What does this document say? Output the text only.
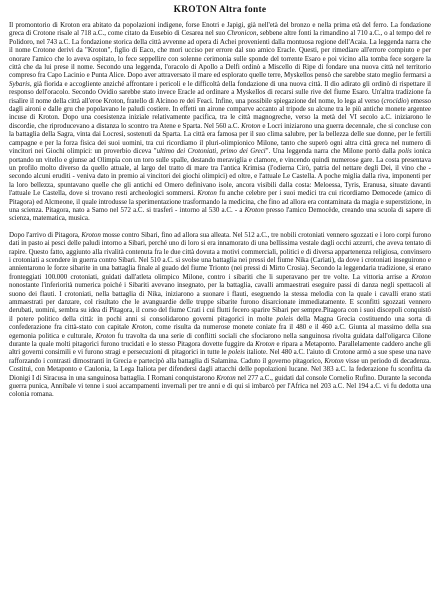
KROTON Altra fonte

Il promontorio di Kroton era abitato da popolazioni indigene, forse Enotri e Japigi, già nell'età del bronzo e nella prima età del ferro. La fondazione greca di Crotone risale al 718 a.C., come citato da Eusebio di Cesarea nel suo Chronicon, sebbene altre fonti la rimandino al 710 a.C., o al tempo del re Polidoro, nel 743 a.C. La fondazione storica della città avvenne ad opera di Achei provenienti dalla montuosa regione dell'Acaia. La leggenda narra che il nome Crotone derivi da "Kroton", figlio di Eaco, che morì ucciso per errore dal suo amico Eracle. Questi, per rimediare all'errore compiuto e per onorare l'amico che lo aveva ospitato, lo fece seppellire con solenne cerimonia sulle sponde del torrente Esaro e poi vicino alla tomba fece sorgere la città che da lui prese il nome. Secondo una leggenda, l'oracolo di Apollo a Delfi ordinò a Miscello di Ripe di fondare una nuova città nel territorio compreso fra Capo Lacinio e Punta Alice. Dopo aver attraversato il mare ed esplorato quelle terre, Myskellos pensò che sarebbe stato meglio fermarsi a Sybaris, già fiorida e accogliente anziché affrontare i pericoli e le difficoltà della fondazione di una nuova città. Il dio adirato gli ordinò di rispettare il responso dell'oracolo. Secondo Ovidio sarebbe stato invece Eracle ad ordinare a Myskellos di recarsi sulle rive del fiume Esaro. Un'altra tradizione fa risalire il nome della città all'eroe Kroton, fratello di Alcinoo re dei Feaci. Infine, una possibile spiegazione del nome, lo lega al verso (crocidio) emesso dagli aironi e dalle gru che popolavano le paludi costiere. In effetti un airone comparve accanto al tripode su alcune tra le più antiche monete argentee incuse di Kroton. Dopo una coesistenza iniziale relativamente pacifica, tra le città magnogreche, verso la metà del VI secolo a.C. iniziarono le discordie, che riproducevano a distanza lo scontro tra Atene e Sparta. Nel 560 a.C. Kroton e Locri iniziarono una guerra decennale, che si concluse con la battaglia della Sagra, vinta dai Locresi, sostenuti da Sparta. La città era famosa per il suo clima salubre, per la bellezza delle sue donne, per le fertili campagne e per la forza fisica dei suoi uomini, tra cui ricordiamo il pluri-olimpionico Milone, tanto che superò ogni altra città greca nel numero di vincitori nei Giochi olimpici: un proverbio diceva "ultimo dei Crotoniati, primo dei Greci". Una leggenda narra che Milone portò dalla polis ionica portando un vitello e giunse ad Olimpia con un toro sulle spalle, destando meraviglia e clamore, e vincendo quindi numerose gare. La costa presentava un profilo molto diverso da quello attuale, al largo del tratto di mare tra l'antica Krimisa (l'odierna Cirò, patria del nettare degli Dei, il vino che - secondo alcuni eruditi - veniva dato in premio ai vincitori dei giochi olimpici) ed oltre, e l'attuale Le Castella. A poche miglia dalla riva, imponenti per la loro bellezza, spuntavano quelle che gli antichi ed Omero definivano isole, ancora visibili dalla costa: Meloessa, Tyris, Eranusa, situate davanti l'attuale Le Castella, dove si trovano resti archeologici sommersi. Kroton fu anche celebre per i suoi medici tra cui ricordiamo Democede (amico di Pitagora) ed Alcmeone, il quale introdusse la sperimentazione trasformando la medicina, che fino ad allora era contaminata da magia e superstizione, in una scienza. Pitagora, nato a Samo nel 572 a.C. si trasferì - intorno al 530 a.C. - a Kroton presso l'amico Democède, creando una scuola di sapere di scienza, matematica, musica.

Dopo l'arrivo di Pitagora, Kroton mosse contro Sibari, fino ad allora sua alleata. Nel 512 a.C., tre nobili crotoniati vennero sgozzati e i loro corpi furono dati in pasto ai pesci delle paludi intorno a Sibari, perché uno di loro si era innamorato di una bellissima vestale dagli occhi azzurri, che aveva tentato di rapire. Questo fatto, aggiunto alla rivalità contenuta fra le due città dovuta a motivi commerciali, politici e di diversa appartenenza religiosa, convinsero i crotoniati a scendere in guerra contro Sibari. Nel 510 a.C. si svolse una battaglia nei pressi del fiume Nika (Carìati), da dove i crotoniati inseguirono e annientarono le forze sibarite in una battaglia finale al guado del fiume Trionto (nei pressi di Mirto Crosia). Secondo la leggendaria tradizione, si erano fronteggiati 100.000 crotoniati, guidati dall'atleta olimpico Milone, contro i sibariti che li superavano per tre volte. La vittoria arrise a Kroton nonostante l'inferiorità numerica poiché i Sibariti avevano insegnato, per la battaglia, cavalli ammaestrati eseguire passi di danza negli spettacoli al suono dei flauti. I crotoniati, nella battaglia di Nika, iniziarono a suonare i flauti, eseguendo la stessa melodia con la quale i cavalli erano stati ammaestrati per danzare, col risultato che le avanguardie delle truppe sibarite furono disarcionate immediatamente. E sconfitti sgozzati vennero derubati, uomini, sembra su idea di Pitagora, il corso del fiume Crati i cui flutti fecero sparire Sibari per sempre.Pitagora con i suoi discepoli conquistò il potere politico della città: in pochi anni si consolidarono governi pitagorici in molte poleis della Magna Grecia costituendo una sorta di confederazione fra città-stato con capitale Kroton, come risulta da numerose monete coniate fra il 480 e il 460 a.C. Giunta al massimo della sua egemonia politica e culturale, Kroton fu travolta da una serie di conflitti sociali che sfociarono nella sanguinosa rivolta guidata dall'oligarca Cilone durante la quale molti pitagorici furono trucidati e lo stesso Pitagora dovette fuggire da Kroton e ripara a Metaponto. Parallelamente caddero anche gli altri governi consimili e vi furono stragi e persecuzioni di pitagorici in tutte le poleis italiote. Nel 480 a.C. l'aiuto di Crotone armò a sue spese una nave rafforzando i contrasti dimostranti in Grecia e partecipò alla battaglia di Salamina. Caduto il governo pitagorico, Kroton visse un periodo di decadenza. Costituì, con Metaponto e Caulonia, la Lega Italiota per difendersi dagli attacchi delle popolazioni lucane. Nel 383 a.C. la federazione fu sconfitta da Dionigi I di Siracusa in una sanguinosa battaglia. I Romani conquistarono Kroton nel 277 a.C., guidati dal console Cornelio Rufino. Durante la seconda guerra punica, Annibale vi tenne i suoi accampamenti invernali per tre anni e di qui si imbarcò per l'Africa nel 203 a.C. Nel 194 a.C. vi fu dedotta una colonia romana.
